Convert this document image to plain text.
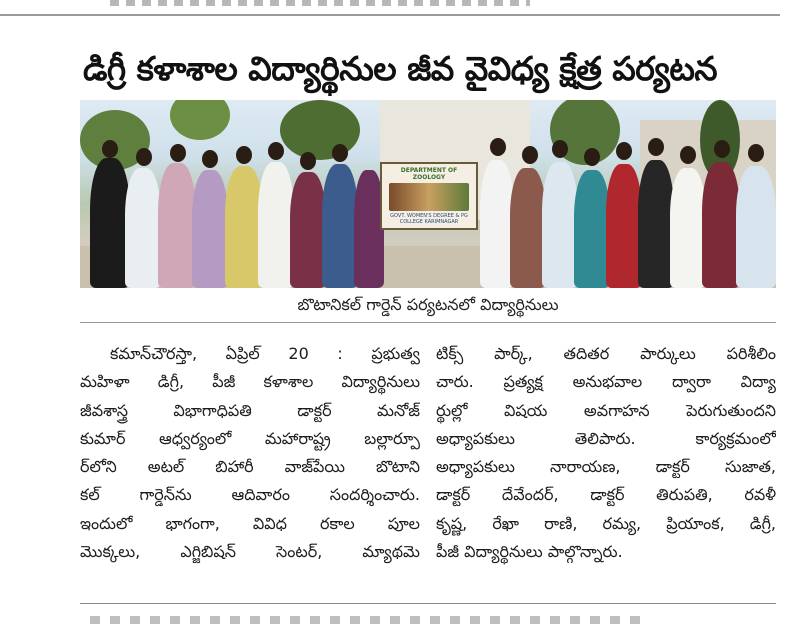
డిగ్రీ కళాశాల విద్యార్థినుల జీవ వైవిధ్య క్షేత్ర పర్యటన
DEPARTMENT OF ZOOLOGY
GOVT. WOMEN'S DEGREE & PG COLLEGE KARIMNAGAR
బొటానికల్ గార్డెన్ పర్యటనలో విద్యార్థినులు
కమాన్‌చౌరస్తా, ఏప్రిల్ 20 : ప్రభుత్వ
మహిళా డిగ్రీ, పీజీ కళాశాల విద్యార్థినులు
జీవశాస్త్ర విభాగాధిపతి డాక్టర్ మనోజ్
కుమార్ ఆధ్వర్యంలో మహారాష్ట్ర బల్లార్పూ
ర్‌లోని అటల్ బిహారీ వాజ్‌పేయి బొటాని
కల్ గార్డెన్‌ను ఆదివారం సందర్శించారు.
ఇందులో భాగంగా, వివిధ రకాల పూల
మొక్కలు, ఎగ్జిబిషన్ సెంటర్, మ్యాథమె
టిక్స్ పార్క్, తదితర పార్కులు పరిశీలిం
చారు. ప్రత్యక్ష అనుభవాల ద్వారా విద్యా
ర్థుల్లో విషయ అవగాహన పెరుగుతుందని
అధ్యాపకులు తెలిపారు. కార్యక్రమంలో
అధ్యాపకులు నారాయణ, డాక్టర్ సుజాత,
డాక్టర్ దేవేందర్, డాక్టర్ తిరుపతి, రవళీ
కృష్ణ, రేఖా రాణి, రమ్య, ప్రియాంక, డిగ్రీ,
పీజీ విద్యార్థినులు పాల్గొన్నారు.
